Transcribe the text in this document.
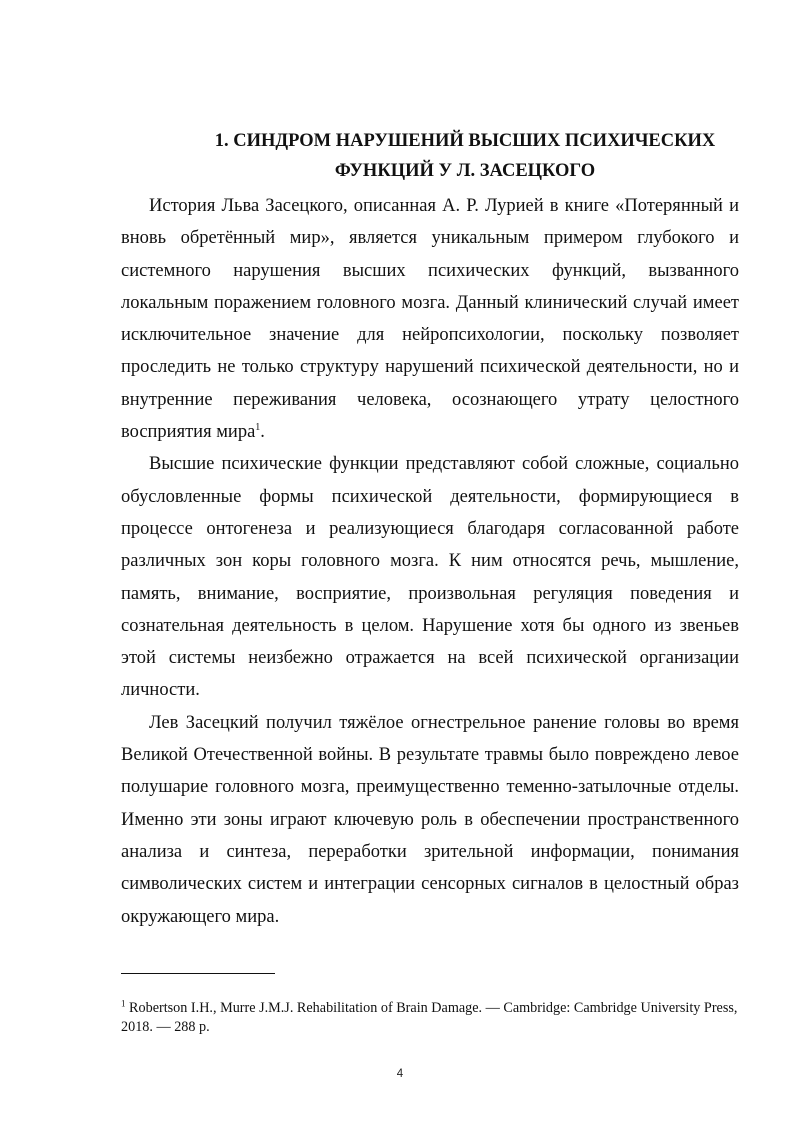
1. СИНДРОМ НАРУШЕНИЙ ВЫСШИХ ПСИХИЧЕСКИХ
ФУНКЦИЙ У Л. ЗАСЕЦКОГО

История Льва Засецкого, описанная А. Р. Лурией в книге «Потерянный и вновь обретённый мир», является уникальным примером глубокого и системного нарушения высших психических функций, вызванного локальным поражением головного мозга. Данный клинический случай имеет исключительное значение для нейропсихологии, поскольку позволяет проследить не только структуру нарушений психической деятельности, но и внутренние переживания человека, осознающего утрату целостного восприятия мира$^1$.

Высшие психические функции представляют собой сложные, социально обусловленные формы психической деятельности, формирующиеся в процессе онтогенеза и реализующиеся благодаря согласованной работе различных зон коры головного мозга. К ним относятся речь, мышление, память, внимание, восприятие, произвольная регуляция поведения и сознательная деятельность в целом. Нарушение хотя бы одного из звеньев этой системы неизбежно отражается на всей психической организации личности.

Лев Засецкий получил тяжёлое огнестрельное ранение головы во время Великой Отечественной войны. В результате травмы было повреждено левое полушарие головного мозга, преимущественно теменно-затылочные отделы. Именно эти зоны играют ключевую роль в обеспечении пространственного анализа и синтеза, переработки зрительной информации, понимания символических систем и интеграции сенсорных сигналов в целостный образ окружающего мира.

$^1$ Robertson I.H., Murre J.M.J. Rehabilitation of Brain Damage. — Cambridge: Cambridge University Press, 2018. — 288 p.
4
